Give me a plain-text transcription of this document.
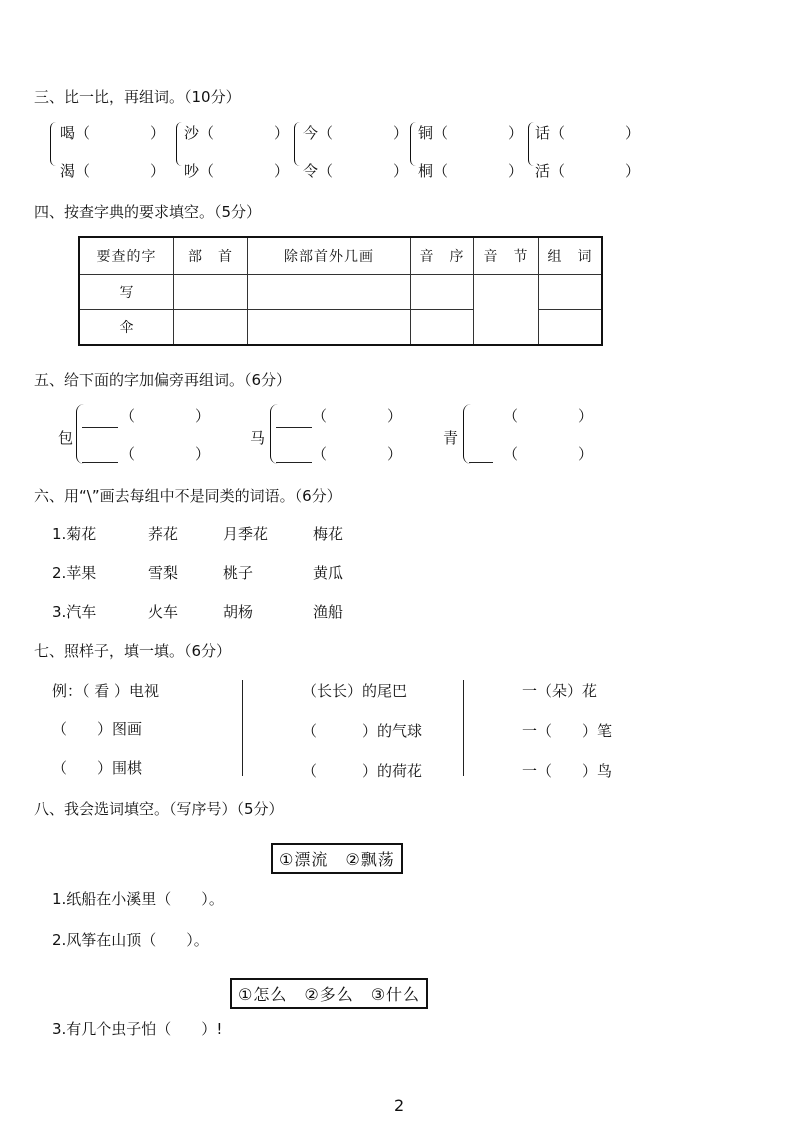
三、比一比，再组词。（10分）
喝（　　　　）
渴（　　　　）
沙（　　　　）
吵（　　　　）
今（　　　　）
令（　　　　）
铜（　　　　）
桐（　　　　）
话（　　　　）
活（　　　　）
四、按查字典的要求填空。（5分）
要查的字	部　首	除部首外几画	音　序	音　节	组　词
写					
伞					
五、给下面的字加偏旁再组词。（6分）
包
（　　　　）
（　　　　）
马
（　　　　）
（　　　　）
青
（　　　　）
（　　　　）
六、用“\”画去每组中不是同类的词语。（6分）
1.菊花	荞花	月季花	梅花
2.苹果	雪梨	桃子	黄瓜
3.汽车	火车	胡杨	渔船
七、照样子，填一填。（6分）
例：（ 看 ）电视
（　　）图画
（　　）围棋
（长长）的尾巴
（　　　）的气球
（　　　）的荷花
一（朵）花
一（　　）笔
一（　　）鸟
八、我会选词填空。（写序号）（5分）
①漂流　②飘荡
1.纸船在小溪里（　　）。
2.风筝在山顶（　　）。
①怎么　②多么　③什么
3.有几个虫子怕（　　）!
2
